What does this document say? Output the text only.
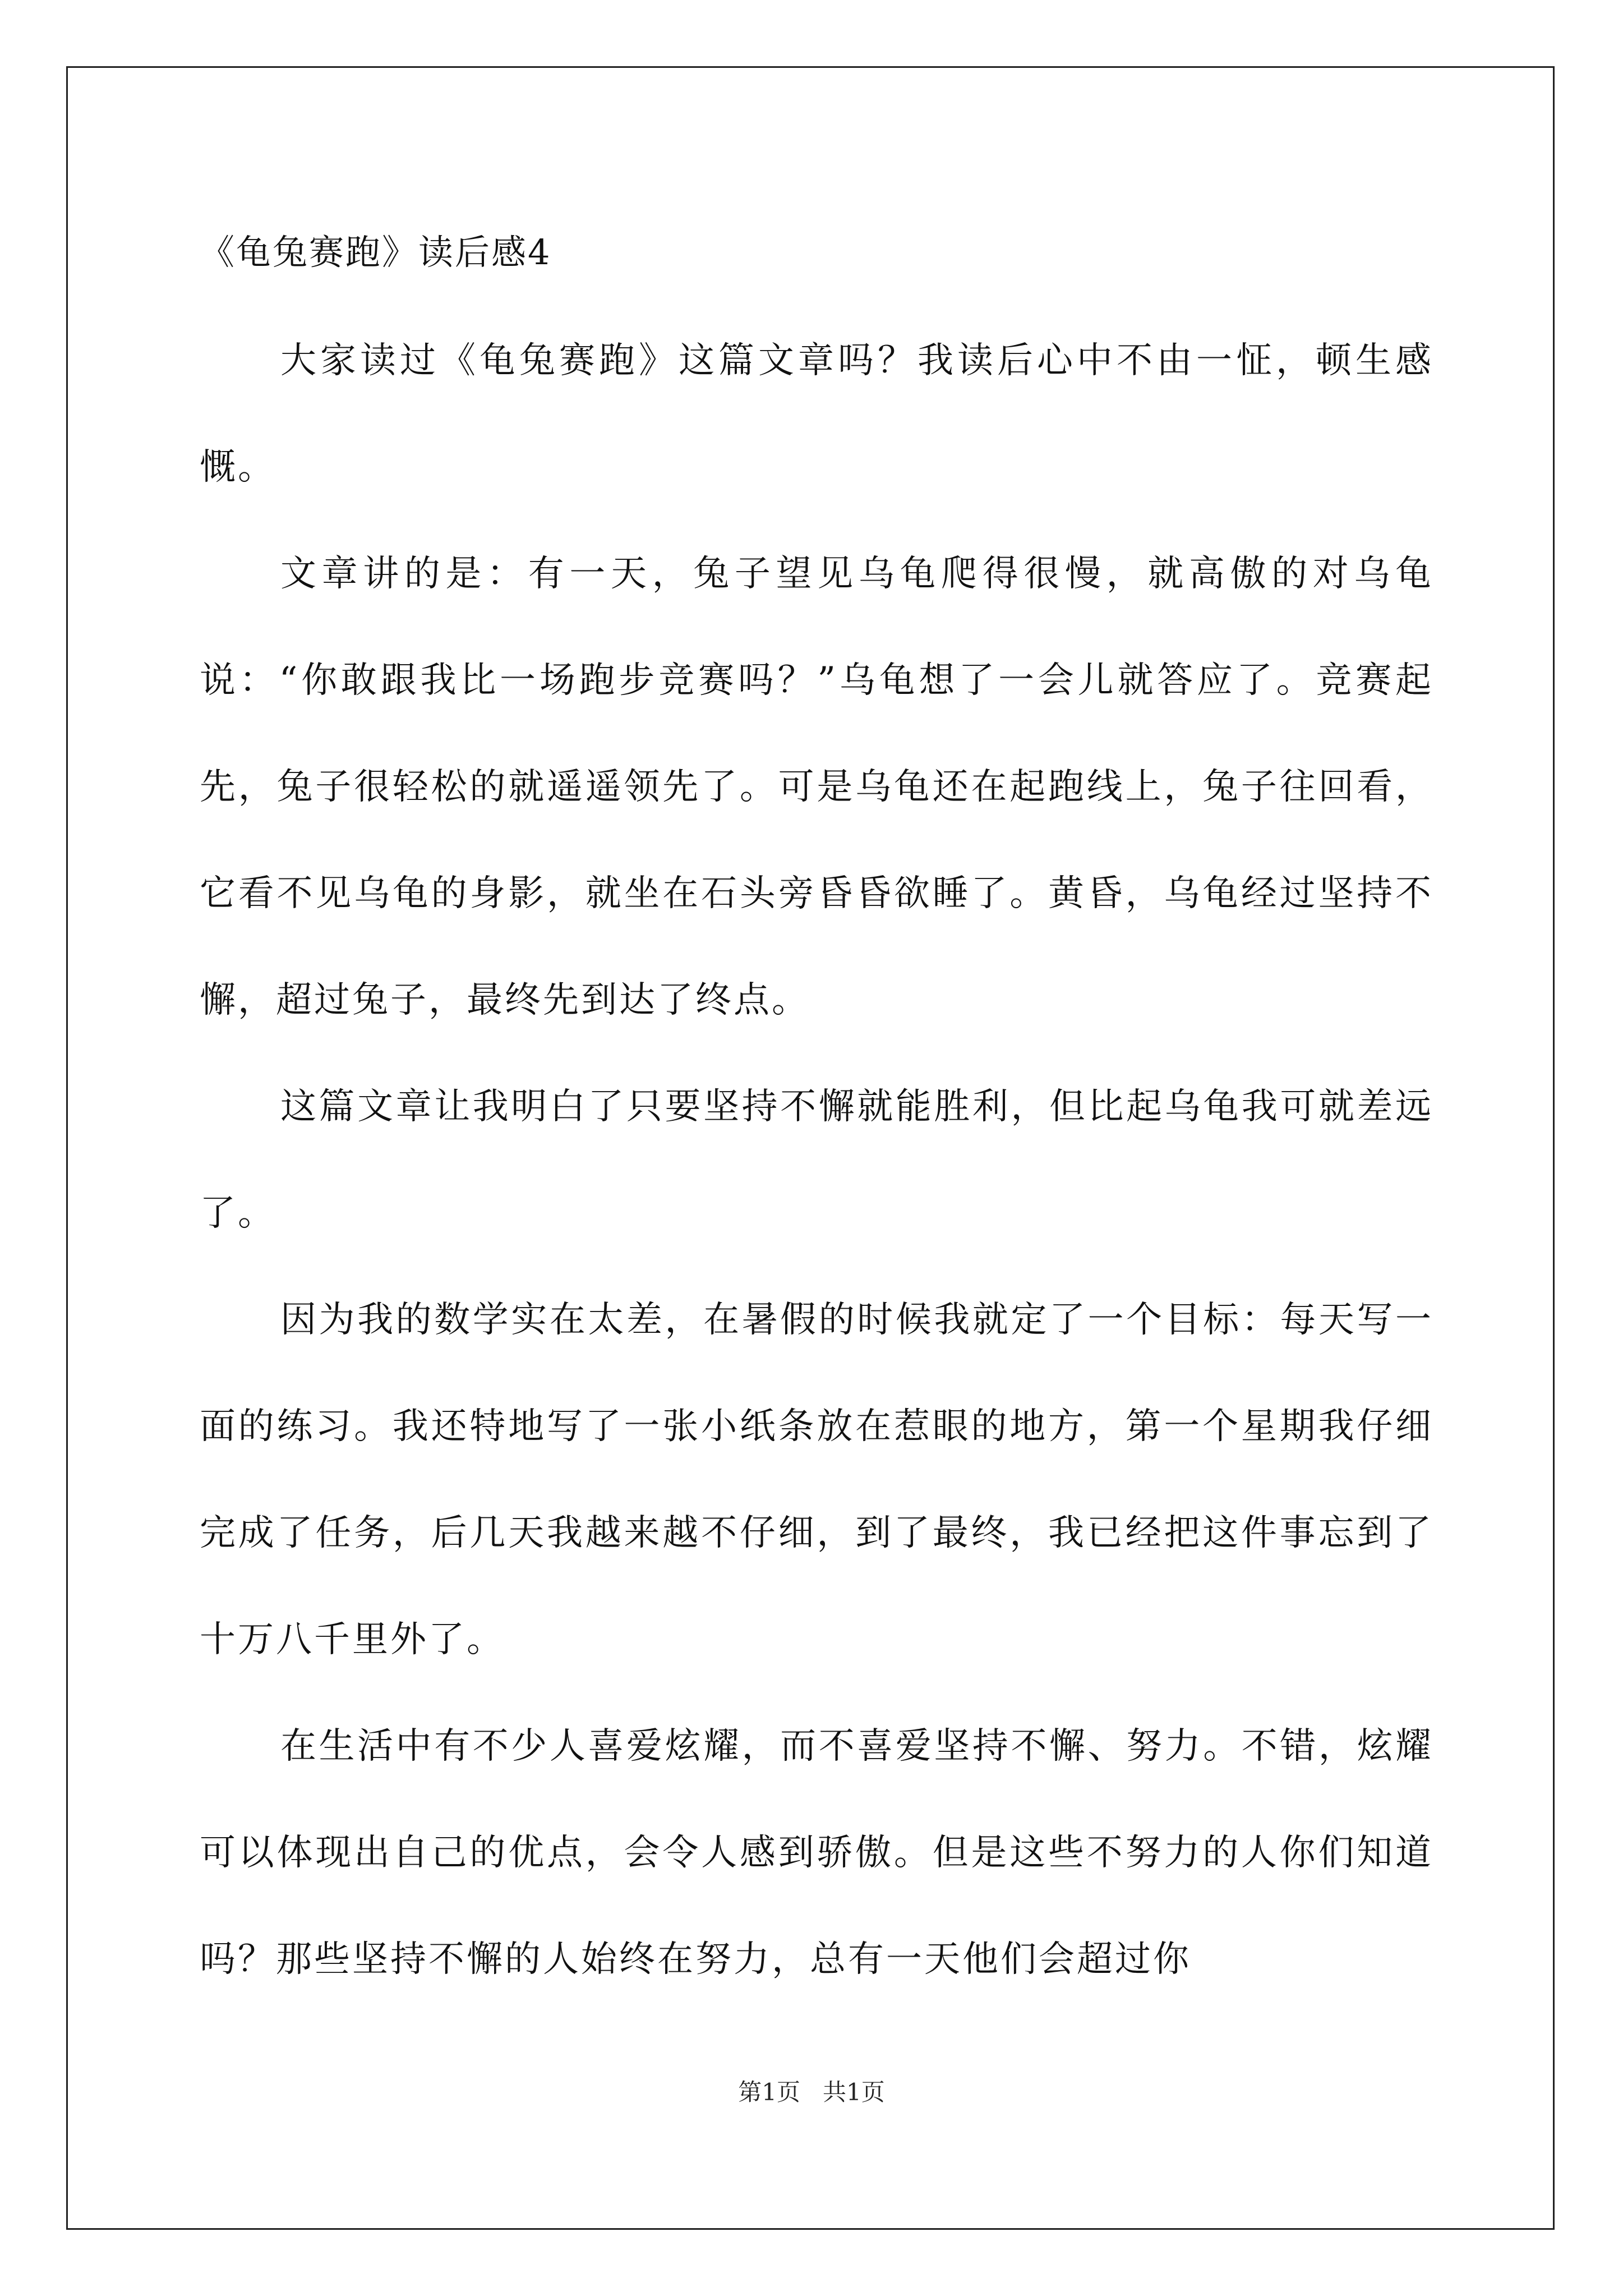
《龟兔赛跑》读后感4

大家读过《龟兔赛跑》这篇文章吗？我读后心中不由一怔，顿生感慨。

文章讲的是：有一天，兔子望见乌龟爬得很慢，就高傲的对乌龟说：“你敢跟我比一场跑步竞赛吗？”乌龟想了一会儿就答应了。竞赛起先，兔子很轻松的就遥遥领先了。可是乌龟还在起跑线上，兔子往回看，它看不见乌龟的身影，就坐在石头旁昏昏欲睡了。黄昏，乌龟经过坚持不懈，超过兔子，最终先到达了终点。

这篇文章让我明白了只要坚持不懈就能胜利，但比起乌龟我可就差远了。

因为我的数学实在太差，在暑假的时候我就定了一个目标：每天写一面的练习。我还特地写了一张小纸条放在惹眼的地方，第一个星期我仔细完成了任务，后几天我越来越不仔细，到了最终，我已经把这件事忘到了十万八千里外了。

在生活中有不少人喜爱炫耀，而不喜爱坚持不懈、努力。不错，炫耀可以体现出自己的优点，会令人感到骄傲。但是这些不努力的人你们知道吗？那些坚持不懈的人始终在努力，总有一天他们会超过你

第1页   共1页
